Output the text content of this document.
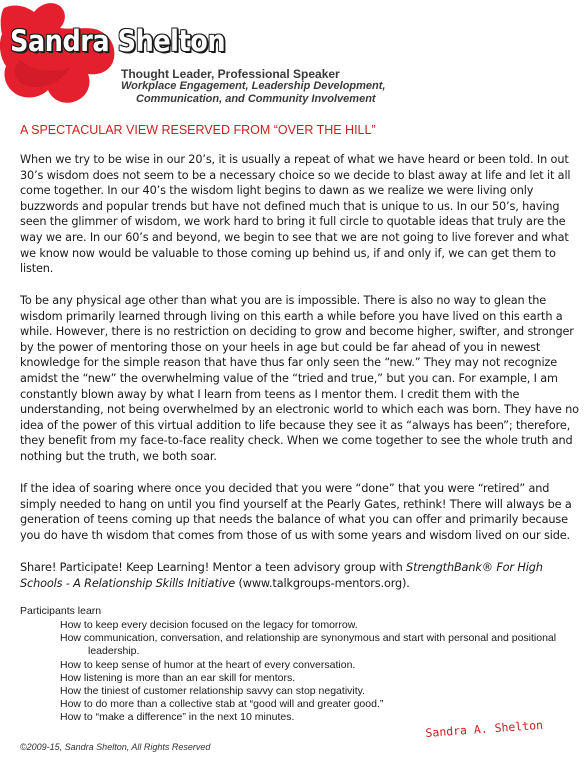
Sandra Shelton
Thought Leader, Professional Speaker
Workplace Engagement, Leadership Development,
Communication, and Community Involvement
A SPECTACULAR VIEW RESERVED FROM “OVER THE HILL”

When we try to be wise in our 20’s, it is usually a repeat of what we have heard or been told. In out 30’s wisdom does not seem to be a necessary choice so we decide to blast away at life and let it all come together. In our 40’s the wisdom light begins to dawn as we realize we were living only buzzwords and popular trends but have not defined much that is unique to us. In our 50’s, having seen the glimmer of wisdom, we work hard to bring it full circle to quotable ideas that truly are the way we are. In our 60’s and beyond, we begin to see that we are not going to live forever and what we know now would be valuable to those coming up behind us, if and only if, we can get them to listen.

To be any physical age other than what you are is impossible. There is also no way to glean the wisdom primarily learned through living on this earth a while before you have lived on this earth a while. However, there is no restriction on deciding to grow and become higher, swifter, and stronger by the power of mentoring those on your heels in age but could be far ahead of you in newest knowledge for the simple reason that have thus far only seen the “new.” They may not recognize amidst the “new” the overwhelming value of the “tried and true,” but you can. For example, I am constantly blown away by what I learn from teens as I mentor them. I credit them with the understanding, not being overwhelmed by an electronic world to which each was born. They have no idea of the power of this virtual addition to life because they see it as “always has been”; therefore, they benefit from my face-to-face reality check. When we come together to see the whole truth and nothing but the truth, we both soar.

If the idea of soaring where once you decided that you were “done” that you were “retired” and simply needed to hang on until you find yourself at the Pearly Gates, rethink! There will always be a generation of teens coming up that needs the balance of what you can offer and primarily because you do have th wisdom that comes from those of us with some years and wisdom lived on our side.

Share! Participate! Keep Learning! Mentor a teen advisory group with StrengthBank® For High Schools - A Relationship Skills Initiative (www.talkgroups-mentors.org).

Participants learn
How to keep every decision focused on the legacy for tomorrow.
How communication, conversation, and relationship are synonymous and start with personal and positional leadership.
How to keep sense of humor at the heart of every conversation.
How listening is more than an ear skill for mentors.
How the tiniest of customer relationship savvy can stop negativity.
How to do more than a collective stab at “good will and greater good.”
How to “make a difference” in the next 10 minutes.
©2009-15, Sandra Shelton, All Rights Reserved
Sandra A. Shelton
